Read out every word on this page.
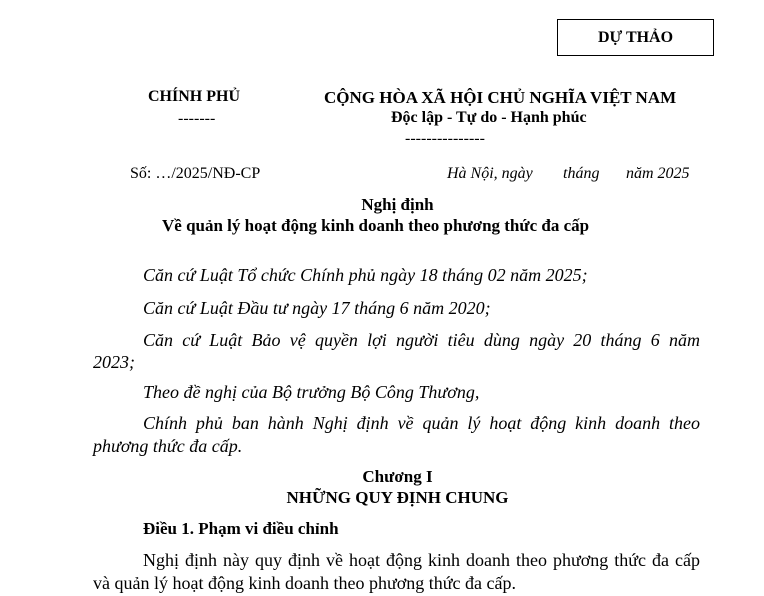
DỰ THẢO
CHÍNH PHỦ
-------
CỘNG HÒA XÃ HỘI CHỦ NGHĨA VIỆT NAM
Độc lập - Tự do - Hạnh phúc
---------------
Số: …/2025/NĐ-CP	Hà Nội, ngày tháng năm 2025
Nghị định
Về quản lý hoạt động kinh doanh theo phương thức đa cấp
Căn cứ Luật Tổ chức Chính phủ ngày 18 tháng 02 năm 2025;
Căn cứ Luật Đầu tư ngày 17 tháng 6 năm 2020;
Căn cứ Luật Bảo vệ quyền lợi người tiêu dùng ngày 20 tháng 6 năm
2023;
Theo đề nghị của Bộ trưởng Bộ Công Thương,
Chính phủ ban hành Nghị định về quản lý hoạt động kinh doanh theo
phương thức đa cấp.
Chương I
NHỮNG QUY ĐỊNH CHUNG
Điều 1. Phạm vi điều chỉnh
Nghị định này quy định về hoạt động kinh doanh theo phương thức đa cấp
và quản lý hoạt động kinh doanh theo phương thức đa cấp.
